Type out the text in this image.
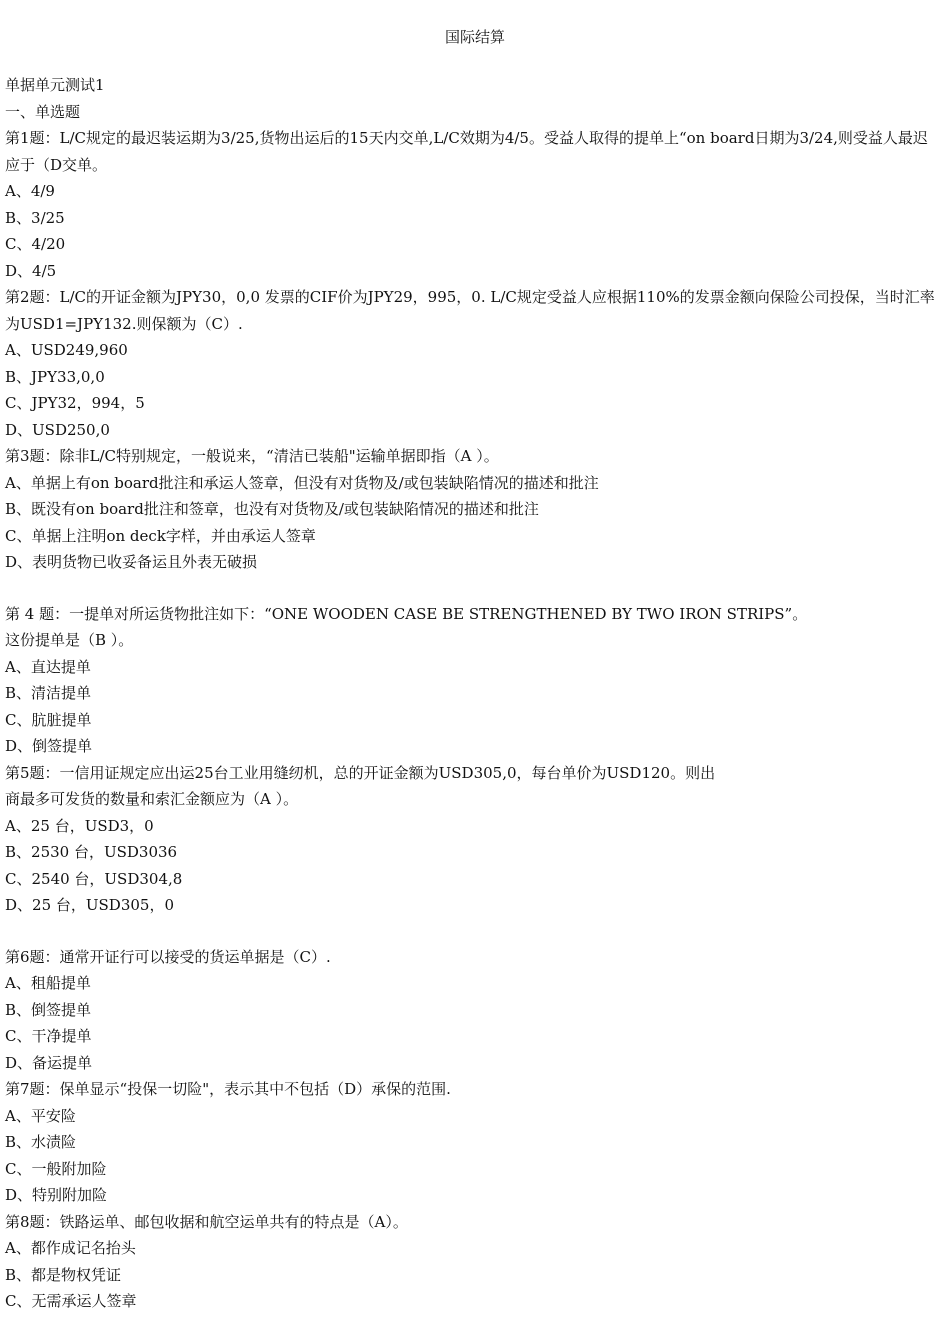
国际结算
单据单元测试1
一、单选题
第1题：L/C规定的最迟装运期为3/25,货物出运后的15天内交单,L/C效期为4/5。受益人取得的提单上“on board日期为3/24,则受益人最迟应于（D交单。
A、4/9
B、3/25
C、4/20
D、4/5
第2题：L/C的开证金额为JPY30，0,0 发票的CIF价为JPY29，995，0. L/C规定受益人应根据110%的发票金额向保险公司投保，当时汇率为USD1=JPY132.则保额为（C）.
A、USD249,960
B、JPY33,0,0
C、JPY32，994，5
D、USD250,0
第3题：除非L/C特别规定，一般说来，“清洁已装船"运输单据即指（A ）。
A、单据上有on board批注和承运人签章，但没有对货物及/或包装缺陷情况的描述和批注
B、既没有on board批注和签章，也没有对货物及/或包装缺陷情况的描述和批注
C、单据上注明on deck字样，并由承运人签章
D、表明货物已收妥备运且外表无破损
第 4 题：一提单对所运货物批注如下：“ONE WOODEN CASE BE STRENGTHENED BY TWO IRON STRIPS”。
这份提单是（B ）。
A、直达提单
B、清洁提单
C、肮脏提单
D、倒签提单
第5题：一信用证规定应出运25台工业用缝纫机，总的开证金额为USD305,0，每台单价为USD120。则出
商最多可发货的数量和索汇金额应为（A ）。
A、25 台，USD3，0
B、2530 台，USD3036
C、2540 台，USD304,8
D、25 台，USD305，0
第6题：通常开证行可以接受的货运单据是（C）.
A、租船提单
B、倒签提单
C、干净提单
D、备运提单
第7题：保单显示“投保一切险"，表示其中不包括（D）承保的范围.
A、平安险
B、水渍险
C、一般附加险
D、特别附加险
第8题：铁路运单、邮包收据和航空运单共有的特点是（A）。
A、都作成记名抬头
B、都是物权凭证
C、无需承运人签章
